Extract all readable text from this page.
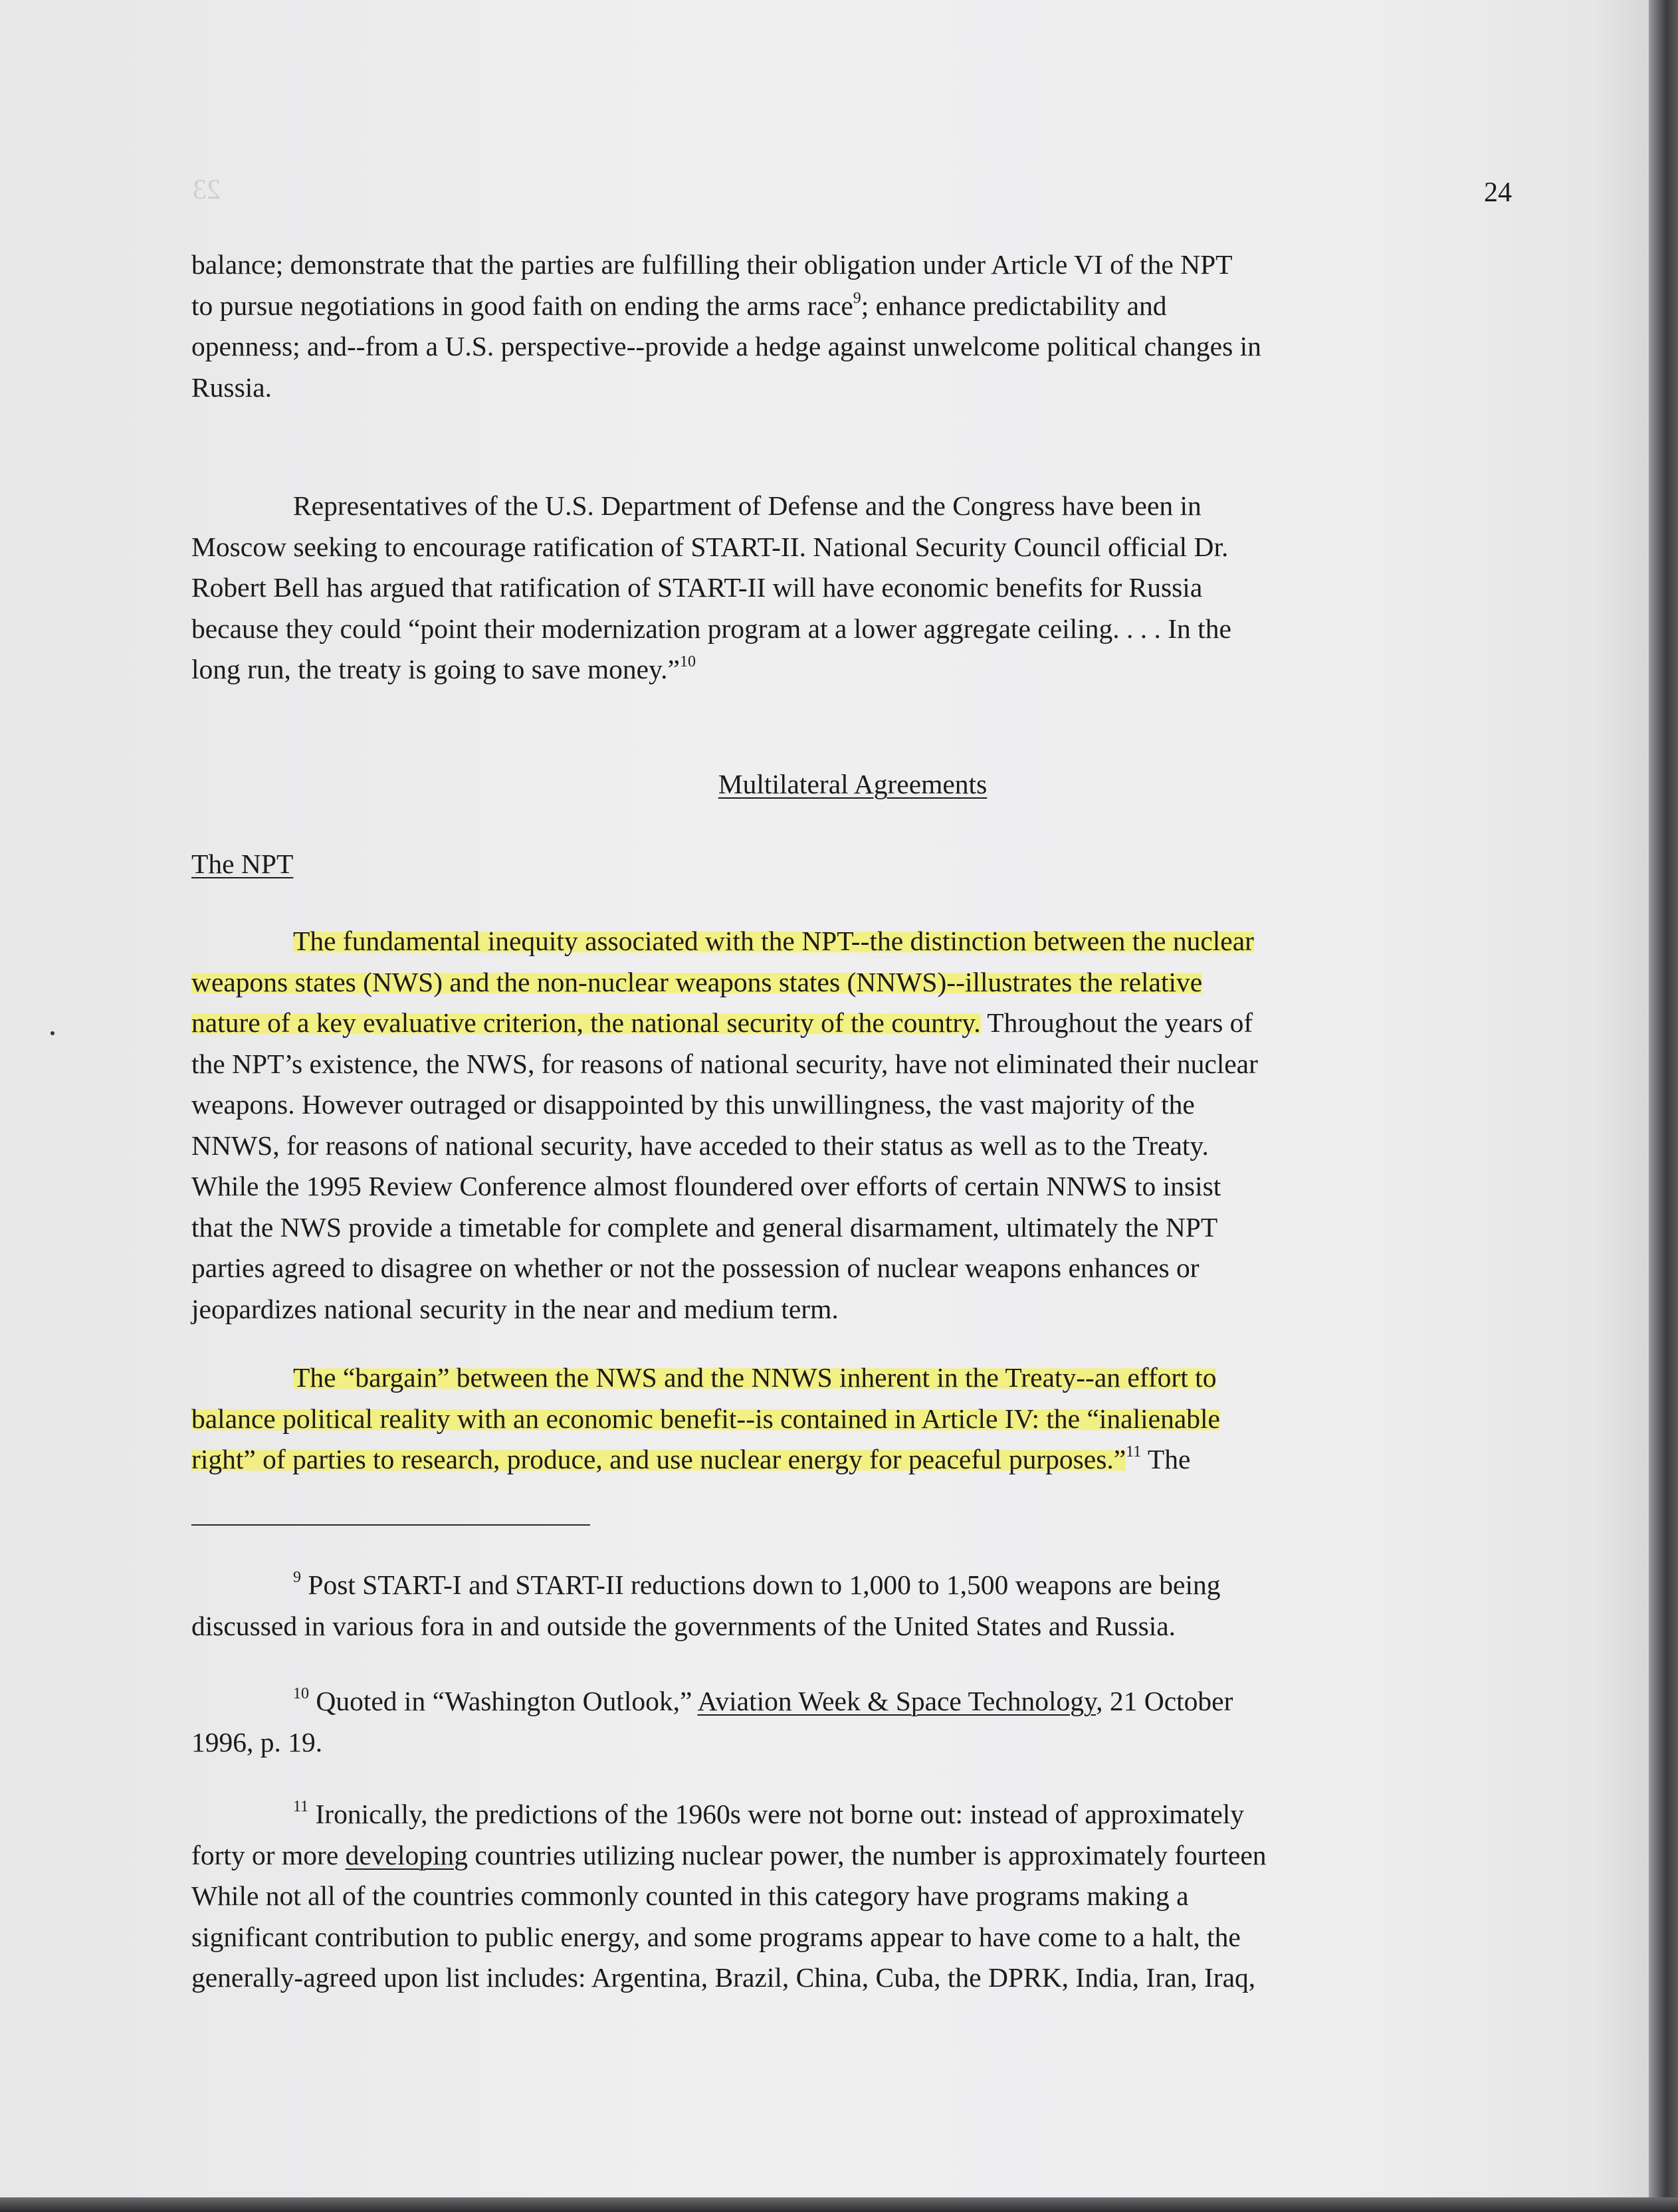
23	24
balance; demonstrate that the parties are fulfilling their obligation under Article VI of the NPT
to pursue negotiations in good faith on ending the arms race$^9$; enhance predictability and
openness; and--from a U.S. perspective--provide a hedge against unwelcome political changes in
Russia.
Representatives of the U.S. Department of Defense and the Congress have been in
Moscow seeking to encourage ratification of START-II. National Security Council official Dr.
Robert Bell has argued that ratification of START-II will have economic benefits for Russia
because they could “point their modernization program at a lower aggregate ceiling. . . . In the
long run, the treaty is going to save money.”$^{10}$
Multilateral Agreements
The NPT
The fundamental inequity associated with the NPT--the distinction between the nuclear
weapons states (NWS) and the non-nuclear weapons states (NNWS)--illustrates the relative
nature of a key evaluative criterion, the national security of the country. Throughout the years of
the NPT’s existence, the NWS, for reasons of national security, have not eliminated their nuclear
weapons. However outraged or disappointed by this unwillingness, the vast majority of the
NNWS, for reasons of national security, have acceded to their status as well as to the Treaty.
While the 1995 Review Conference almost floundered over efforts of certain NNWS to insist
that the NWS provide a timetable for complete and general disarmament, ultimately the NPT
parties agreed to disagree on whether or not the possession of nuclear weapons enhances or
jeopardizes national security in the near and medium term.
The “bargain” between the NWS and the NNWS inherent in the Treaty--an effort to
balance political reality with an economic benefit--is contained in Article IV: the “inalienable
right” of parties to research, produce, and use nuclear energy for peaceful purposes.”$^{11}$ The
$^9$ Post START-I and START-II reductions down to 1,000 to 1,500 weapons are being
discussed in various fora in and outside the governments of the United States and Russia.
$^{10}$ Quoted in “Washington Outlook,” Aviation Week & Space Technology, 21 October
1996, p. 19.
$^{11}$ Ironically, the predictions of the 1960s were not borne out: instead of approximately
forty or more developing countries utilizing nuclear power, the number is approximately fourteen
While not all of the countries commonly counted in this category have programs making a
significant contribution to public energy, and some programs appear to have come to a halt, the
generally-agreed upon list includes: Argentina, Brazil, China, Cuba, the DPRK, India, Iran, Iraq,
